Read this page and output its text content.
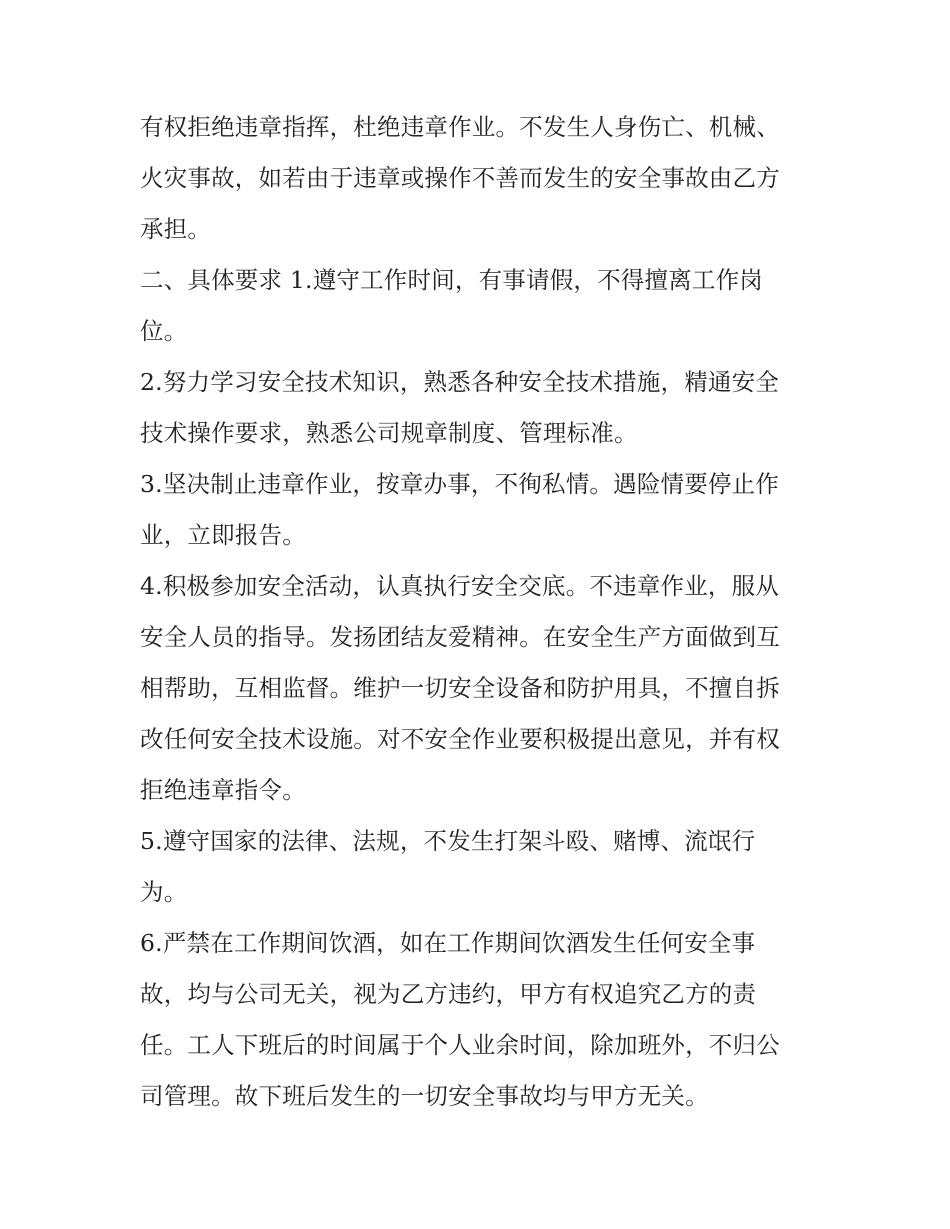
有权拒绝违章指挥，杜绝违章作业。不发生人身伤亡、机械、
火灾事故，如若由于违章或操作不善而发生的安全事故由乙方
承担。

二、具体要求 1.遵守工作时间，有事请假，不得擅离工作岗
位。

2.努力学习安全技术知识，熟悉各种安全技术措施，精通安全
技术操作要求，熟悉公司规章制度、管理标准。

3.坚决制止违章作业，按章办事，不徇私情。遇险情要停止作
业，立即报告。

4.积极参加安全活动，认真执行安全交底。不违章作业，服从
安全人员的指导。发扬团结友爱精神。在安全生产方面做到互
相帮助，互相监督。维护一切安全设备和防护用具，不擅自拆
改任何安全技术设施。对不安全作业要积极提出意见，并有权
拒绝违章指令。

5.遵守国家的法律、法规，不发生打架斗殴、赌博、流氓行
为。

6.严禁在工作期间饮酒，如在工作期间饮酒发生任何安全事
故，均与公司无关，视为乙方违约，甲方有权追究乙方的责
任。工人下班后的时间属于个人业余时间，除加班外，不归公
司管理。故下班后发生的一切安全事故均与甲方无关。
